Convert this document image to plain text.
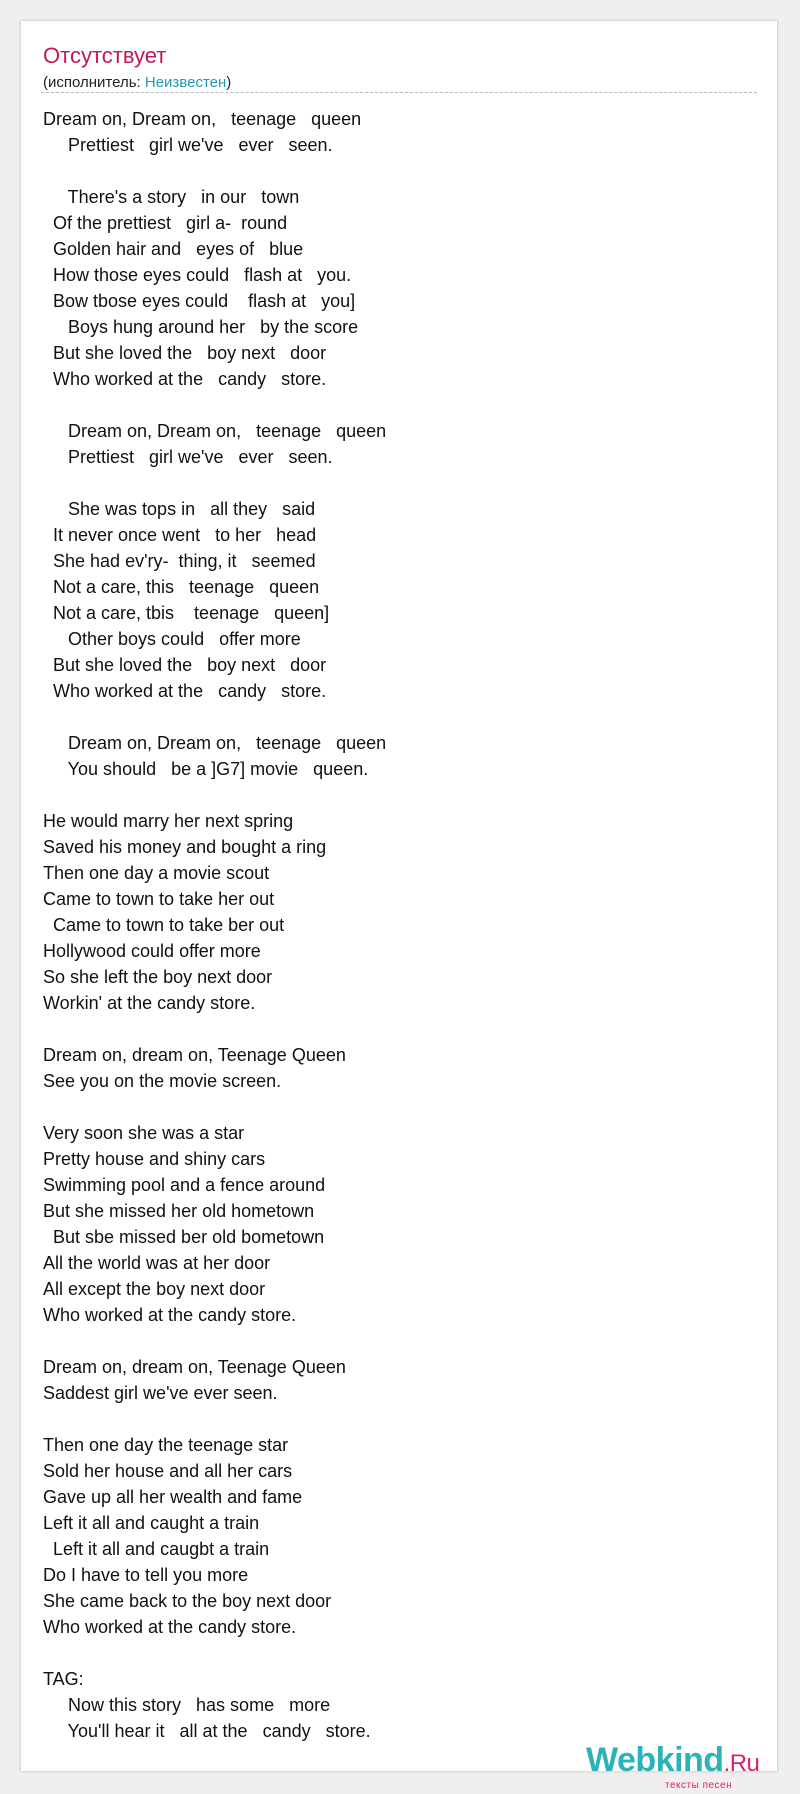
Отсутствует
(исполнитель: Неизвестен)
Dream on, Dream on,   teenage   queen
Prettiest   girl we've   ever   seen.
There's a story   in our   town
Of the prettiest   girl a-  round
Golden hair and   eyes of   blue
How those eyes could   flash at   you.
Bow tbose eyes could    flash at   you]
Boys hung around her   by the score
But she loved the   boy next   door
Who worked at the   candy   store.
Dream on, Dream on,   teenage   queen
Prettiest   girl we've   ever   seen.
She was tops in   all they   said
It never once went   to her   head
She had ev'ry-  thing, it   seemed
Not a care, this   teenage   queen
Not a care, tbis    teenage   queen]
Other boys could   offer more
But she loved the   boy next   door
Who worked at the   candy   store.
Dream on, Dream on,   teenage   queen
You should   be a ]G7] movie   queen.
He would marry her next spring
Saved his money and bought a ring
Then one day a movie scout
Came to town to take her out
Came to town to take ber out
Hollywood could offer more
So she left the boy next door
Workin' at the candy store.
Dream on, dream on, Teenage Queen
See you on the movie screen.
Very soon she was a star
Pretty house and shiny cars
Swimming pool and a fence around
But she missed her old hometown
But sbe missed ber old bometown
All the world was at her door
All except the boy next door
Who worked at the candy store.
Dream on, dream on, Teenage Queen
Saddest girl we've ever seen.
Then one day the teenage star
Sold her house and all her cars
Gave up all her wealth and fame
Left it all and caught a train
Left it all and caugbt a train
Do I have to tell you more
She came back to the boy next door
Who worked at the candy store.
TAG:
Now this story   has some   more
You'll hear it   all at the   candy   store.
Webkind.Ru
тексты песен
